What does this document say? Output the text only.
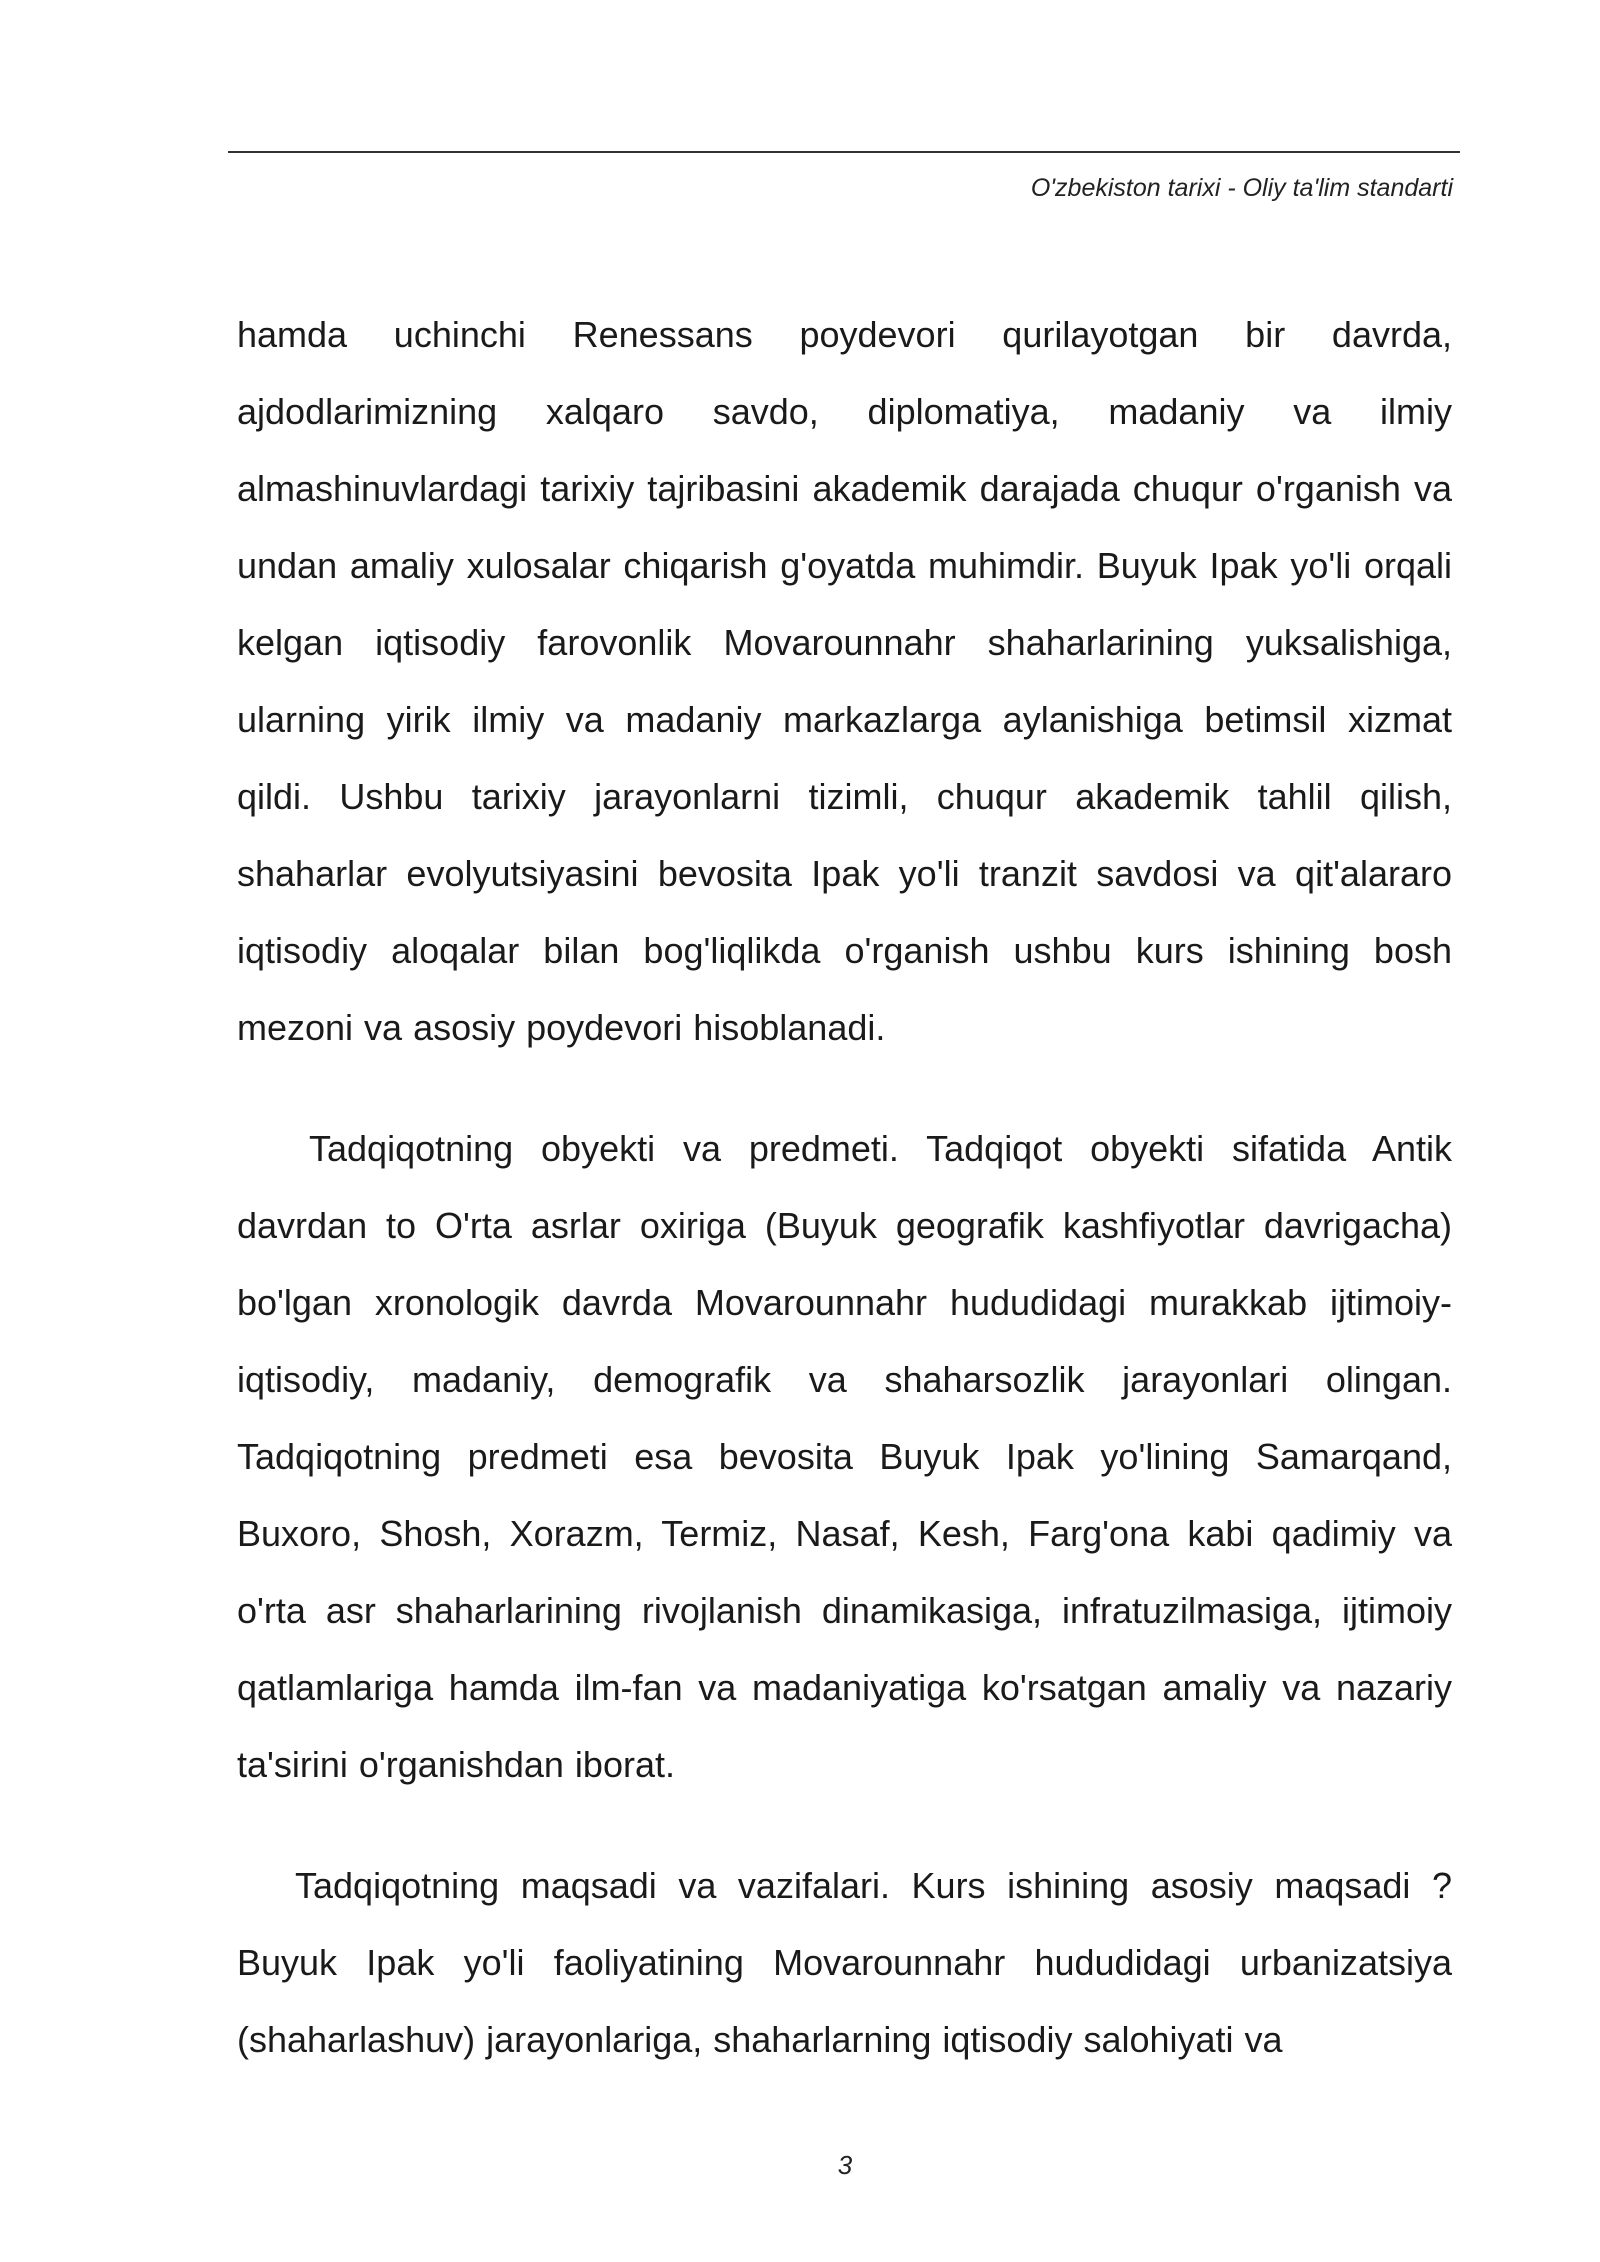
O'zbekiston tarixi - Oliy ta'lim standarti

hamda uchinchi Renessans poydevori qurilayotgan bir davrda, ajdodlarimizning xalqaro savdo, diplomatiya, madaniy va ilmiy almashinuvlardagi tarixiy tajribasini akademik darajada chuqur o'rganish va undan amaliy xulosalar chiqarish g'oyatda muhimdir. Buyuk Ipak yo'li orqali kelgan iqtisodiy farovonlik Movarounnahr shaharlarining yuksalishiga, ularning yirik ilmiy va madaniy markazlarga aylanishiga betimsil xizmat qildi. Ushbu tarixiy jarayonlarni tizimli, chuqur akademik tahlil qilish, shaharlar evolyutsiyasini bevosita Ipak yo'li tranzit savdosi va qit'alararo iqtisodiy aloqalar bilan bog'liqlikda o'rganish ushbu kurs ishining bosh mezoni va asosiy poydevori hisoblanadi.

Tadqiqotning obyekti va predmeti. Tadqiqot obyekti sifatida Antik davrdan to O'rta asrlar oxiriga (Buyuk geografik kashfiyotlar davrigacha) bo'lgan xronologik davrda Movarounnahr hududidagi murakkab ijtimoiy-iqtisodiy, madaniy, demografik va shaharsozlik jarayonlari olingan. Tadqiqotning predmeti esa bevosita Buyuk Ipak yo'lining Samarqand, Buxoro, Shosh, Xorazm, Termiz, Nasaf, Kesh, Farg'ona kabi qadimiy va o'rta asr shaharlarining rivojlanish dinamikasiga, infratuzilmasiga, ijtimoiy qatlamlariga hamda ilm-fan va madaniyatiga ko'rsatgan amaliy va nazariy ta'sirini o'rganishdan iborat.

Tadqiqotning maqsadi va vazifalari. Kurs ishining asosiy maqsadi ? Buyuk Ipak yo'li faoliyatining Movarounnahr hududidagi urbanizatsiya (shaharlashuv) jarayonlariga, shaharlarning iqtisodiy salohiyati va

3
